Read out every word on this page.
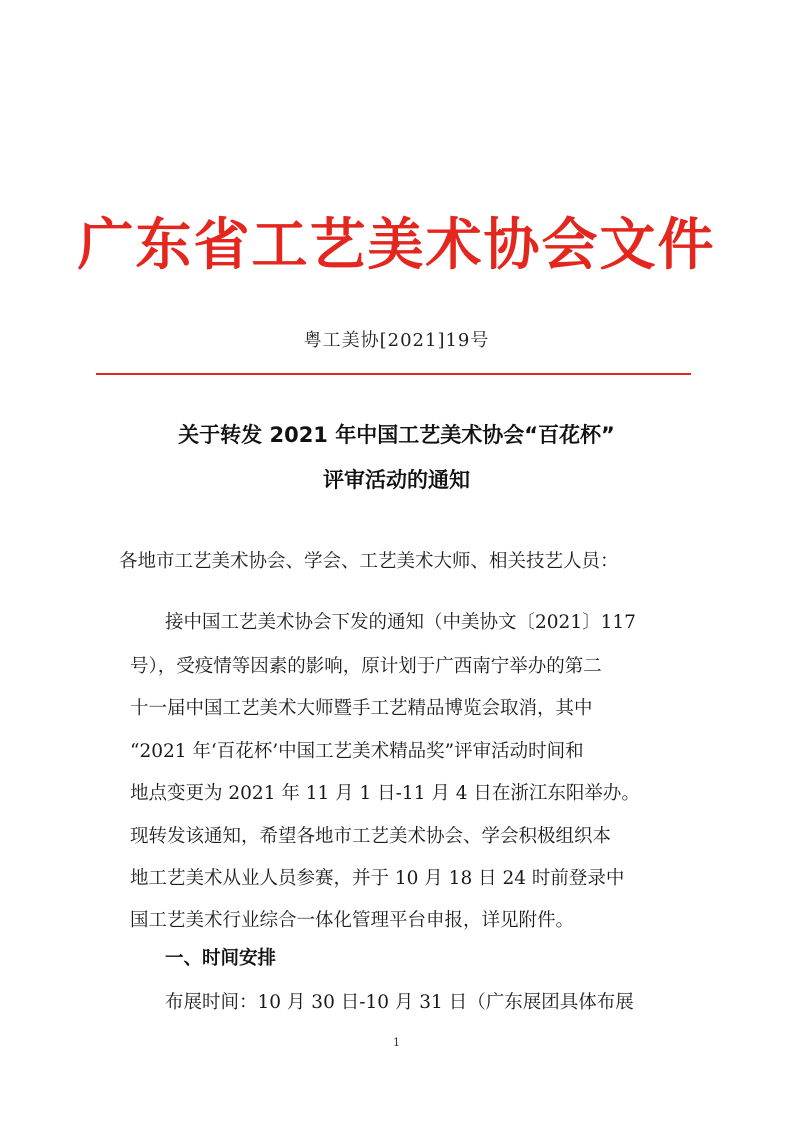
广东省工艺美术协会文件
粤工美协[2021]19号
关于转发 2021 年中国工艺美术协会“百花杯”
评审活动的通知
各地市工艺美术协会、学会、工艺美术大师、相关技艺人员：
接中国工艺美术协会下发的通知（中美协文〔2021〕117
号），受疫情等因素的影响，原计划于广西南宁举办的第二
十一届中国工艺美术大师暨手工艺精品博览会取消，其中
“2021 年‘百花杯’中国工艺美术精品奖”评审活动时间和
地点变更为 2021 年 11 月 1 日-11 月 4 日在浙江东阳举办。
现转发该通知，希望各地市工艺美术协会、学会积极组织本
地工艺美术从业人员参赛，并于 10 月 18 日 24 时前登录中
国工艺美术行业综合一体化管理平台申报，详见附件。
一、时间安排
布展时间：10 月 30 日-10 月 31 日（广东展团具体布展
1
